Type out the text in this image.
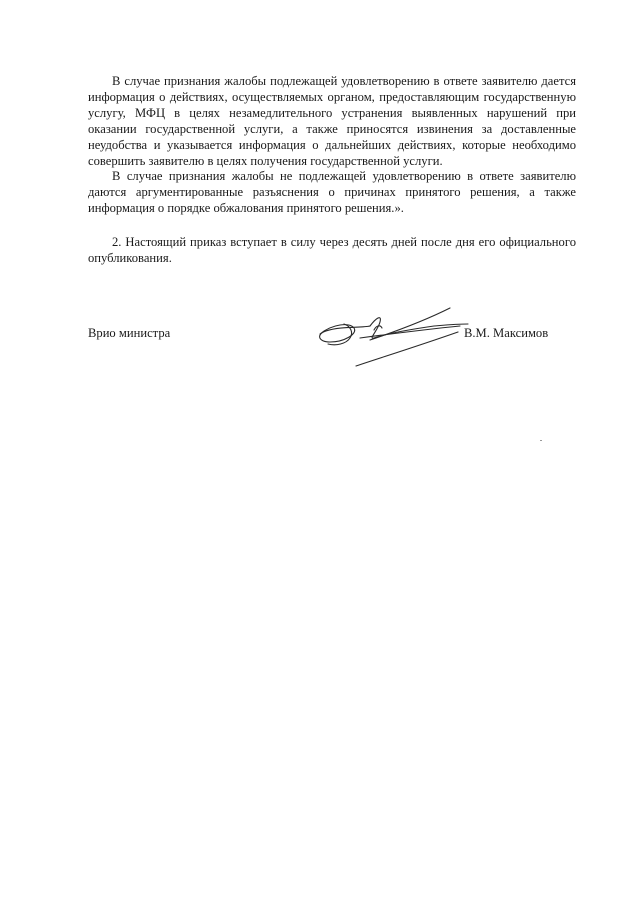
В случае признания жалобы подлежащей удовлетворению в ответе заявителю дается информация о действиях, осуществляемых органом, предоставляющим государственную услугу, МФЦ в целях незамедлительного устранения выявленных нарушений при оказании государственной услуги, а также приносятся извинения за доставленные неудобства и указывается информация о дальнейших действиях, которые необходимо совершить заявителю в целях получения государственной услуги.

В случае признания жалобы не подлежащей удовлетворению в ответе заявителю даются аргументированные разъяснения о причинах принятого решения, а также информация о порядке обжалования принятого решения.».

2. Настоящий приказ вступает в силу через десять дней после дня его официального опубликования.

Врио министра	В.М. Максимов
